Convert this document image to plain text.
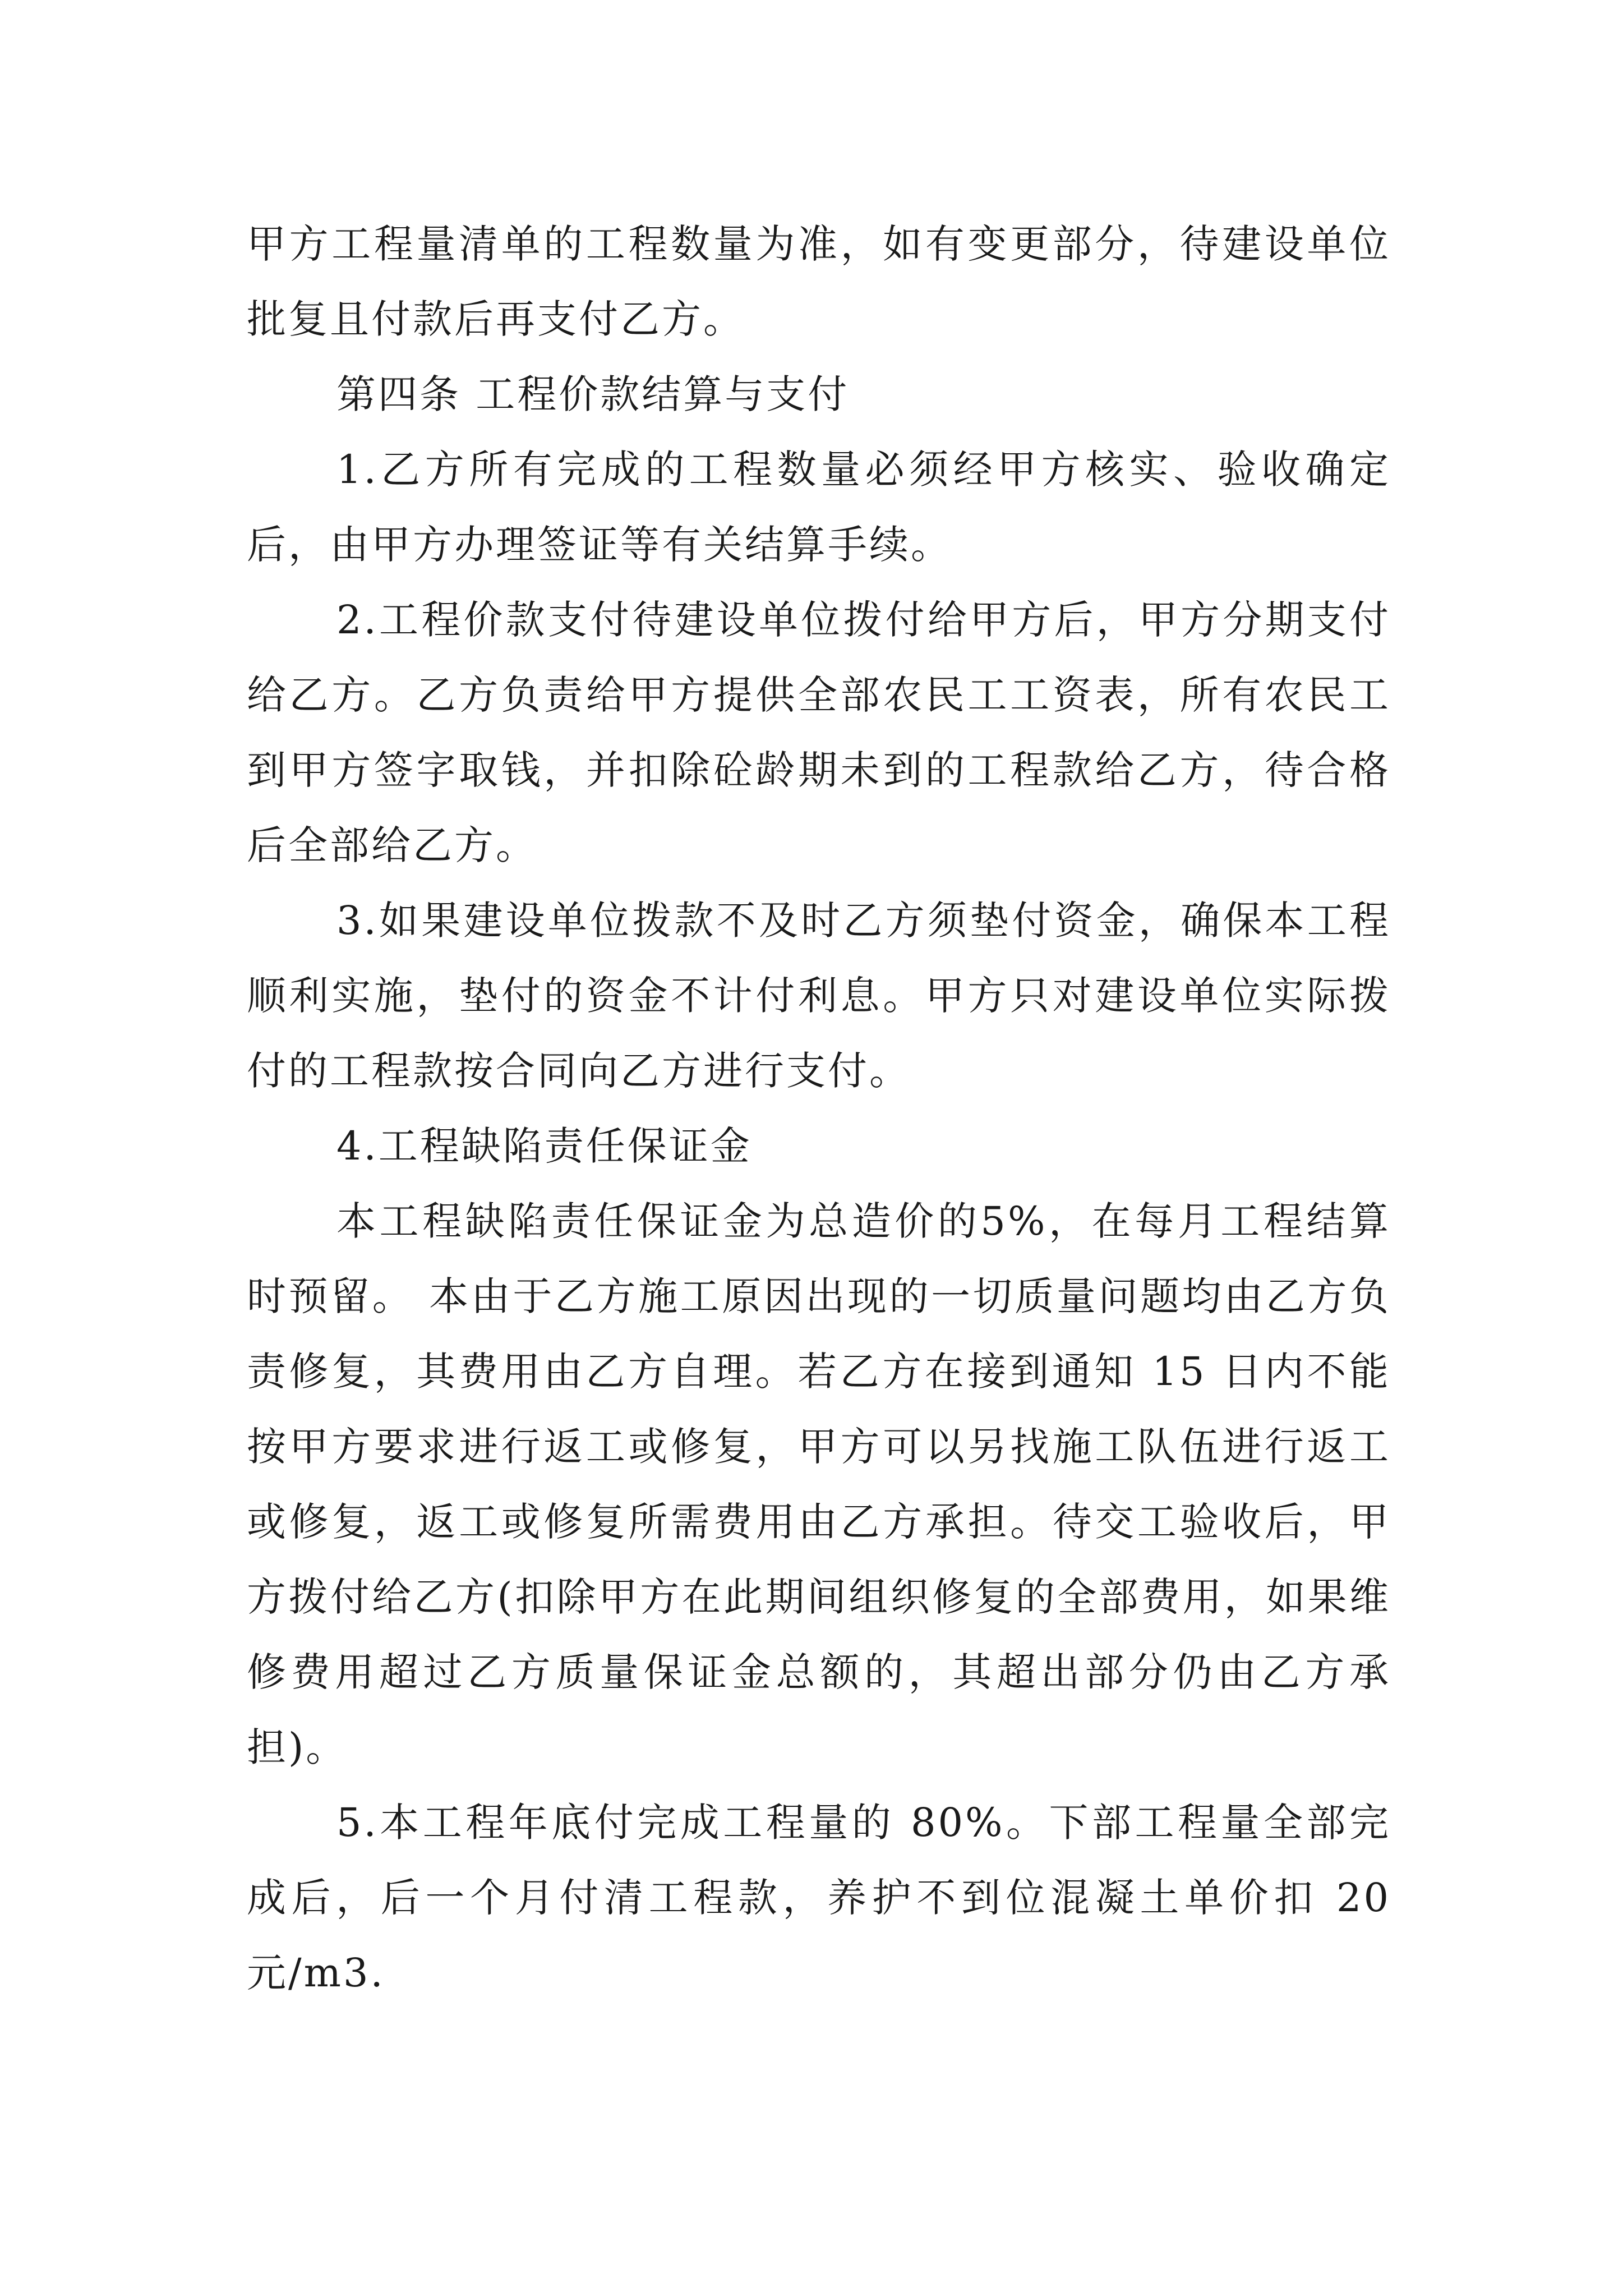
甲方工程量清单的工程数量为准，如有变更部分，待建设单位批复且付款后再支付乙方。

第四条 工程价款结算与支付

1.乙方所有完成的工程数量必须经甲方核实、验收确定后，由甲方办理签证等有关结算手续。

2.工程价款支付待建设单位拨付给甲方后，甲方分期支付给乙方。乙方负责给甲方提供全部农民工工资表，所有农民工到甲方签字取钱，并扣除砼龄期未到的工程款给乙方，待合格后全部给乙方。

3.如果建设单位拨款不及时乙方须垫付资金，确保本工程顺利实施，垫付的资金不计付利息。甲方只对建设单位实际拨付的工程款按合同向乙方进行支付。

4.工程缺陷责任保证金

本工程缺陷责任保证金为总造价的5%，在每月工程结算时预留。 本由于乙方施工原因出现的一切质量问题均由乙方负责修复，其费用由乙方自理。若乙方在接到通知 15 日内不能按甲方要求进行返工或修复，甲方可以另找施工队伍进行返工或修复，返工或修复所需费用由乙方承担。待交工验收后，甲方拨付给乙方(扣除甲方在此期间组织修复的全部费用，如果维修费用超过乙方质量保证金总额的，其超出部分仍由乙方承担)。

5.本工程年底付完成工程量的 80%。下部工程量全部完成后，后一个月付清工程款，养护不到位混凝土单价扣 20 元/m3.
